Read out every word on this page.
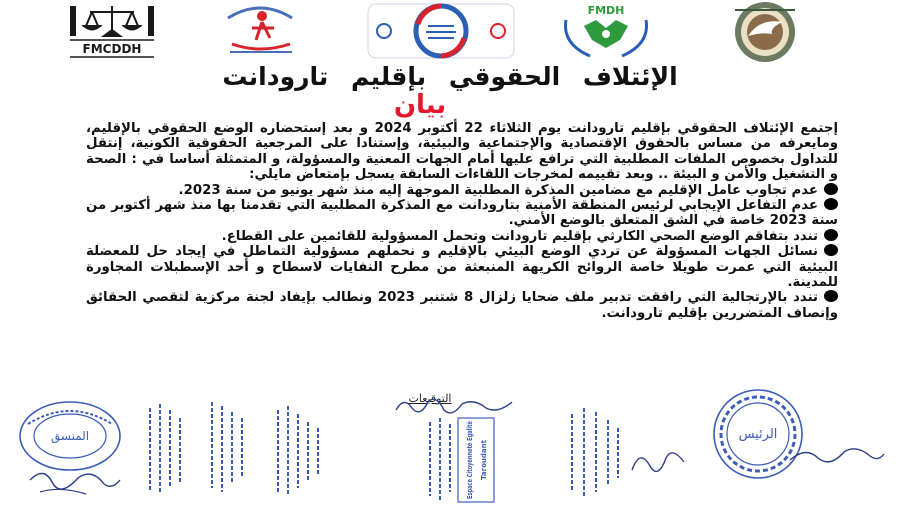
FMCDDH
FMDH
الإئتلاف الحقوقي بإقليم تارودانت
بيان

إجتمع الإئتلاف الحقوقي بإقليم تارودانت يوم الثلاثاء 22 أكتوبر 2024 و بعد إستحضاره الوضع الحقوقي بالإقليم، ومايعرفه من مساس بالحقوق الإقتصادية والإجتماعية والبيئية، وإستنادا على المرجعية الحقوقية الكونية، إنتقل للتداول بخصوص الملفات المطلبية التي ترافع عليها أمام الجهات المعنية والمسؤولة، و المتمثلة أساسا في : الصحة و التشغيل والأمن و البيئة .. وبعد تقييمه لمخرجات اللقاءات السابقة يسجل بإمتعاض مايلي:

عدم تجاوب عامل الإقليم مع مضامين المذكرة المطلبية الموجهة إليه منذ شهر يونيو من سنة 2023.

عدم التفاعل الإيجابي لرئيس المنطقة الأمنية بتارودانت مع المذكرة المطلبية التي تقدمنا بها منذ شهر أكتوبر من سنة 2023 خاصة في الشق المتعلق بالوضع الأمني.

تندد بتفاقم الوضع الصحي الكارثي بإقليم تارودانت وتحمل المسؤولية للقائمين على القطاع.

نسائل الجهات المسؤولة عن تردي الوضع البيئي بالإقليم و نحملهم مسؤولية التماطل في إيجاد حل للمعضلة البيئية التي عمرت طويلا خاصة الروائح الكريهة المنبعثة من مطرح النفايات لاسطاح و أحد الإسطبلات المجاورة للمدينة.

تندد بالإرتجالية التي رافقت تدبير ملف ضحايا زلزال 8 شتنبر 2023 ونطالب بإيفاد لجنة مركزية لتقصي الحقائق وإنصاف المتضررين بإقليم تارودانت.

التوقيعات
المنسق	Espace Citoyenneté Egalité Taroudant
الرئيس
